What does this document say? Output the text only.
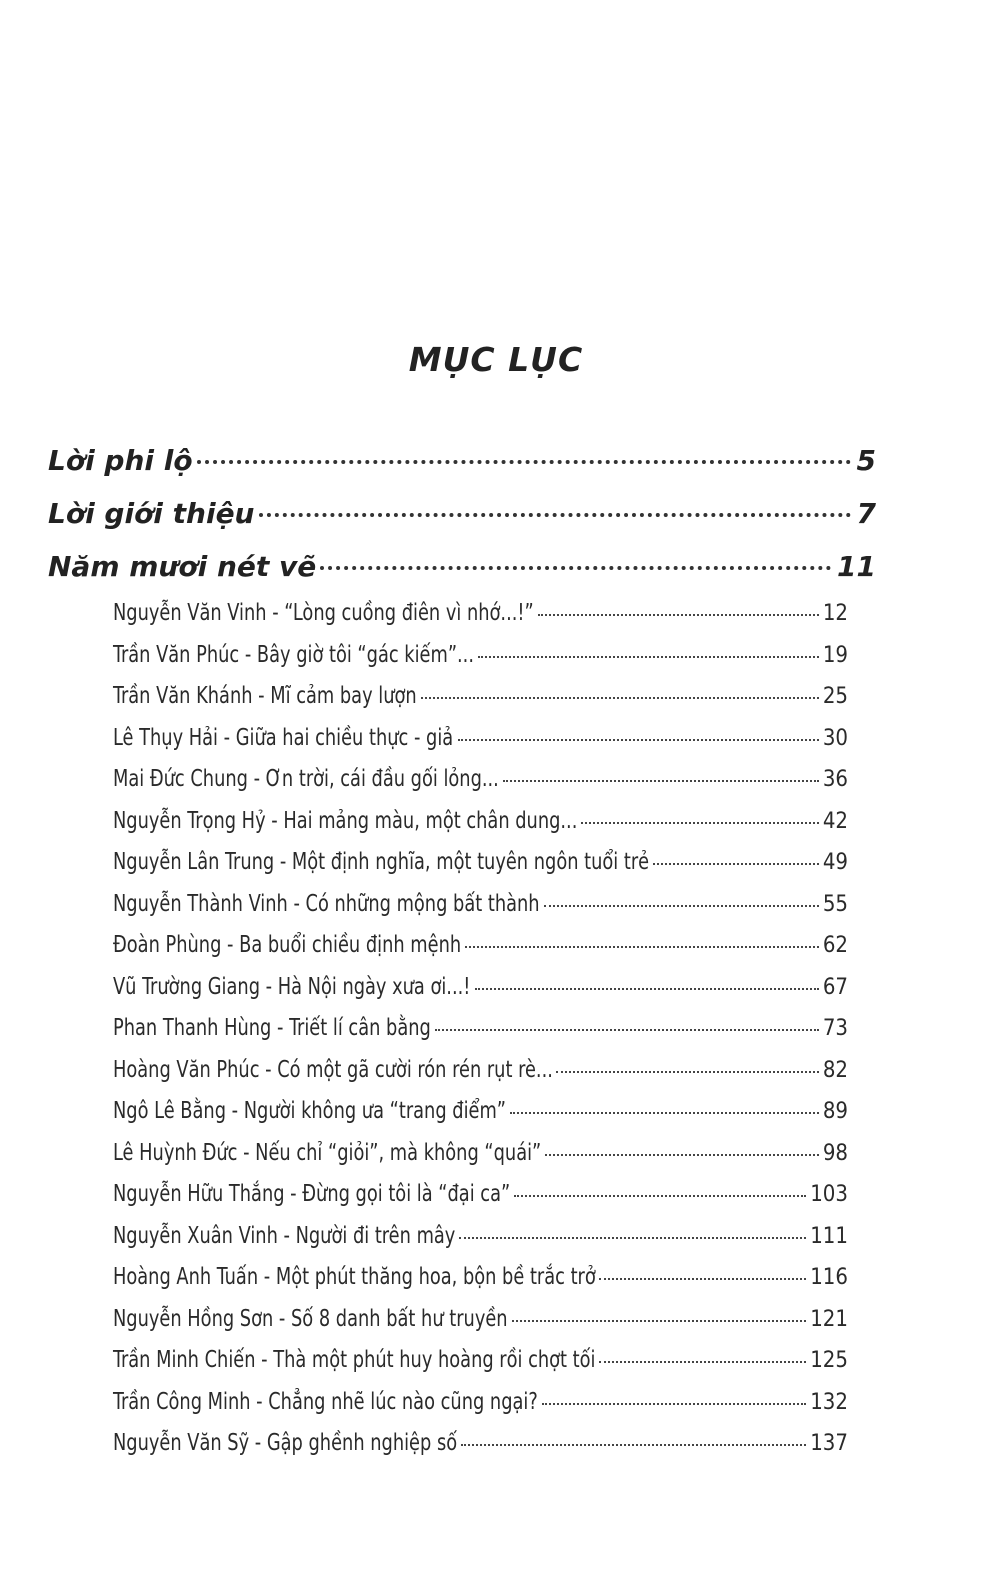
MỤC LỤC
Lời phi lộ	5
Lời giới thiệu	7
Năm mươi nét vẽ	11
Nguyễn Văn Vinh - “Lòng cuồng điên vì nhớ...!”	12
Trần Văn Phúc - Bây giờ tôi “gác kiếm”...	19
Trần Văn Khánh - Mĩ cảm bay lượn	25
Lê Thụy Hải - Giữa hai chiều thực - giả	30
Mai Đức Chung - Ơn trời, cái đầu gối lỏng...	36
Nguyễn Trọng Hỷ - Hai mảng màu, một chân dung...	42
Nguyễn Lân Trung - Một định nghĩa, một tuyên ngôn tuổi trẻ	49
Nguyễn Thành Vinh - Có những mộng bất thành	55
Đoàn Phùng - Ba buổi chiều định mệnh	62
Vũ Trường Giang - Hà Nội ngày xưa ơi...!	67
Phan Thanh Hùng - Triết lí cân bằng	73
Hoàng Văn Phúc - Có một gã cười rón rén rụt rè...	82
Ngô Lê Bằng - Người không ưa “trang điểm”	89
Lê Huỳnh Đức - Nếu chỉ “giỏi”, mà không “quái”	98
Nguyễn Hữu Thắng - Đừng gọi tôi là “đại ca”	103
Nguyễn Xuân Vinh - Người đi trên mây	111
Hoàng Anh Tuấn - Một phút thăng hoa, bộn bề trắc trở	116
Nguyễn Hồng Sơn - Số 8 danh bất hư truyền	121
Trần Minh Chiến - Thà một phút huy hoàng rồi chợt tối	125
Trần Công Minh - Chẳng nhẽ lúc nào cũng ngại?	132
Nguyễn Văn Sỹ - Gập ghềnh nghiệp số	137
